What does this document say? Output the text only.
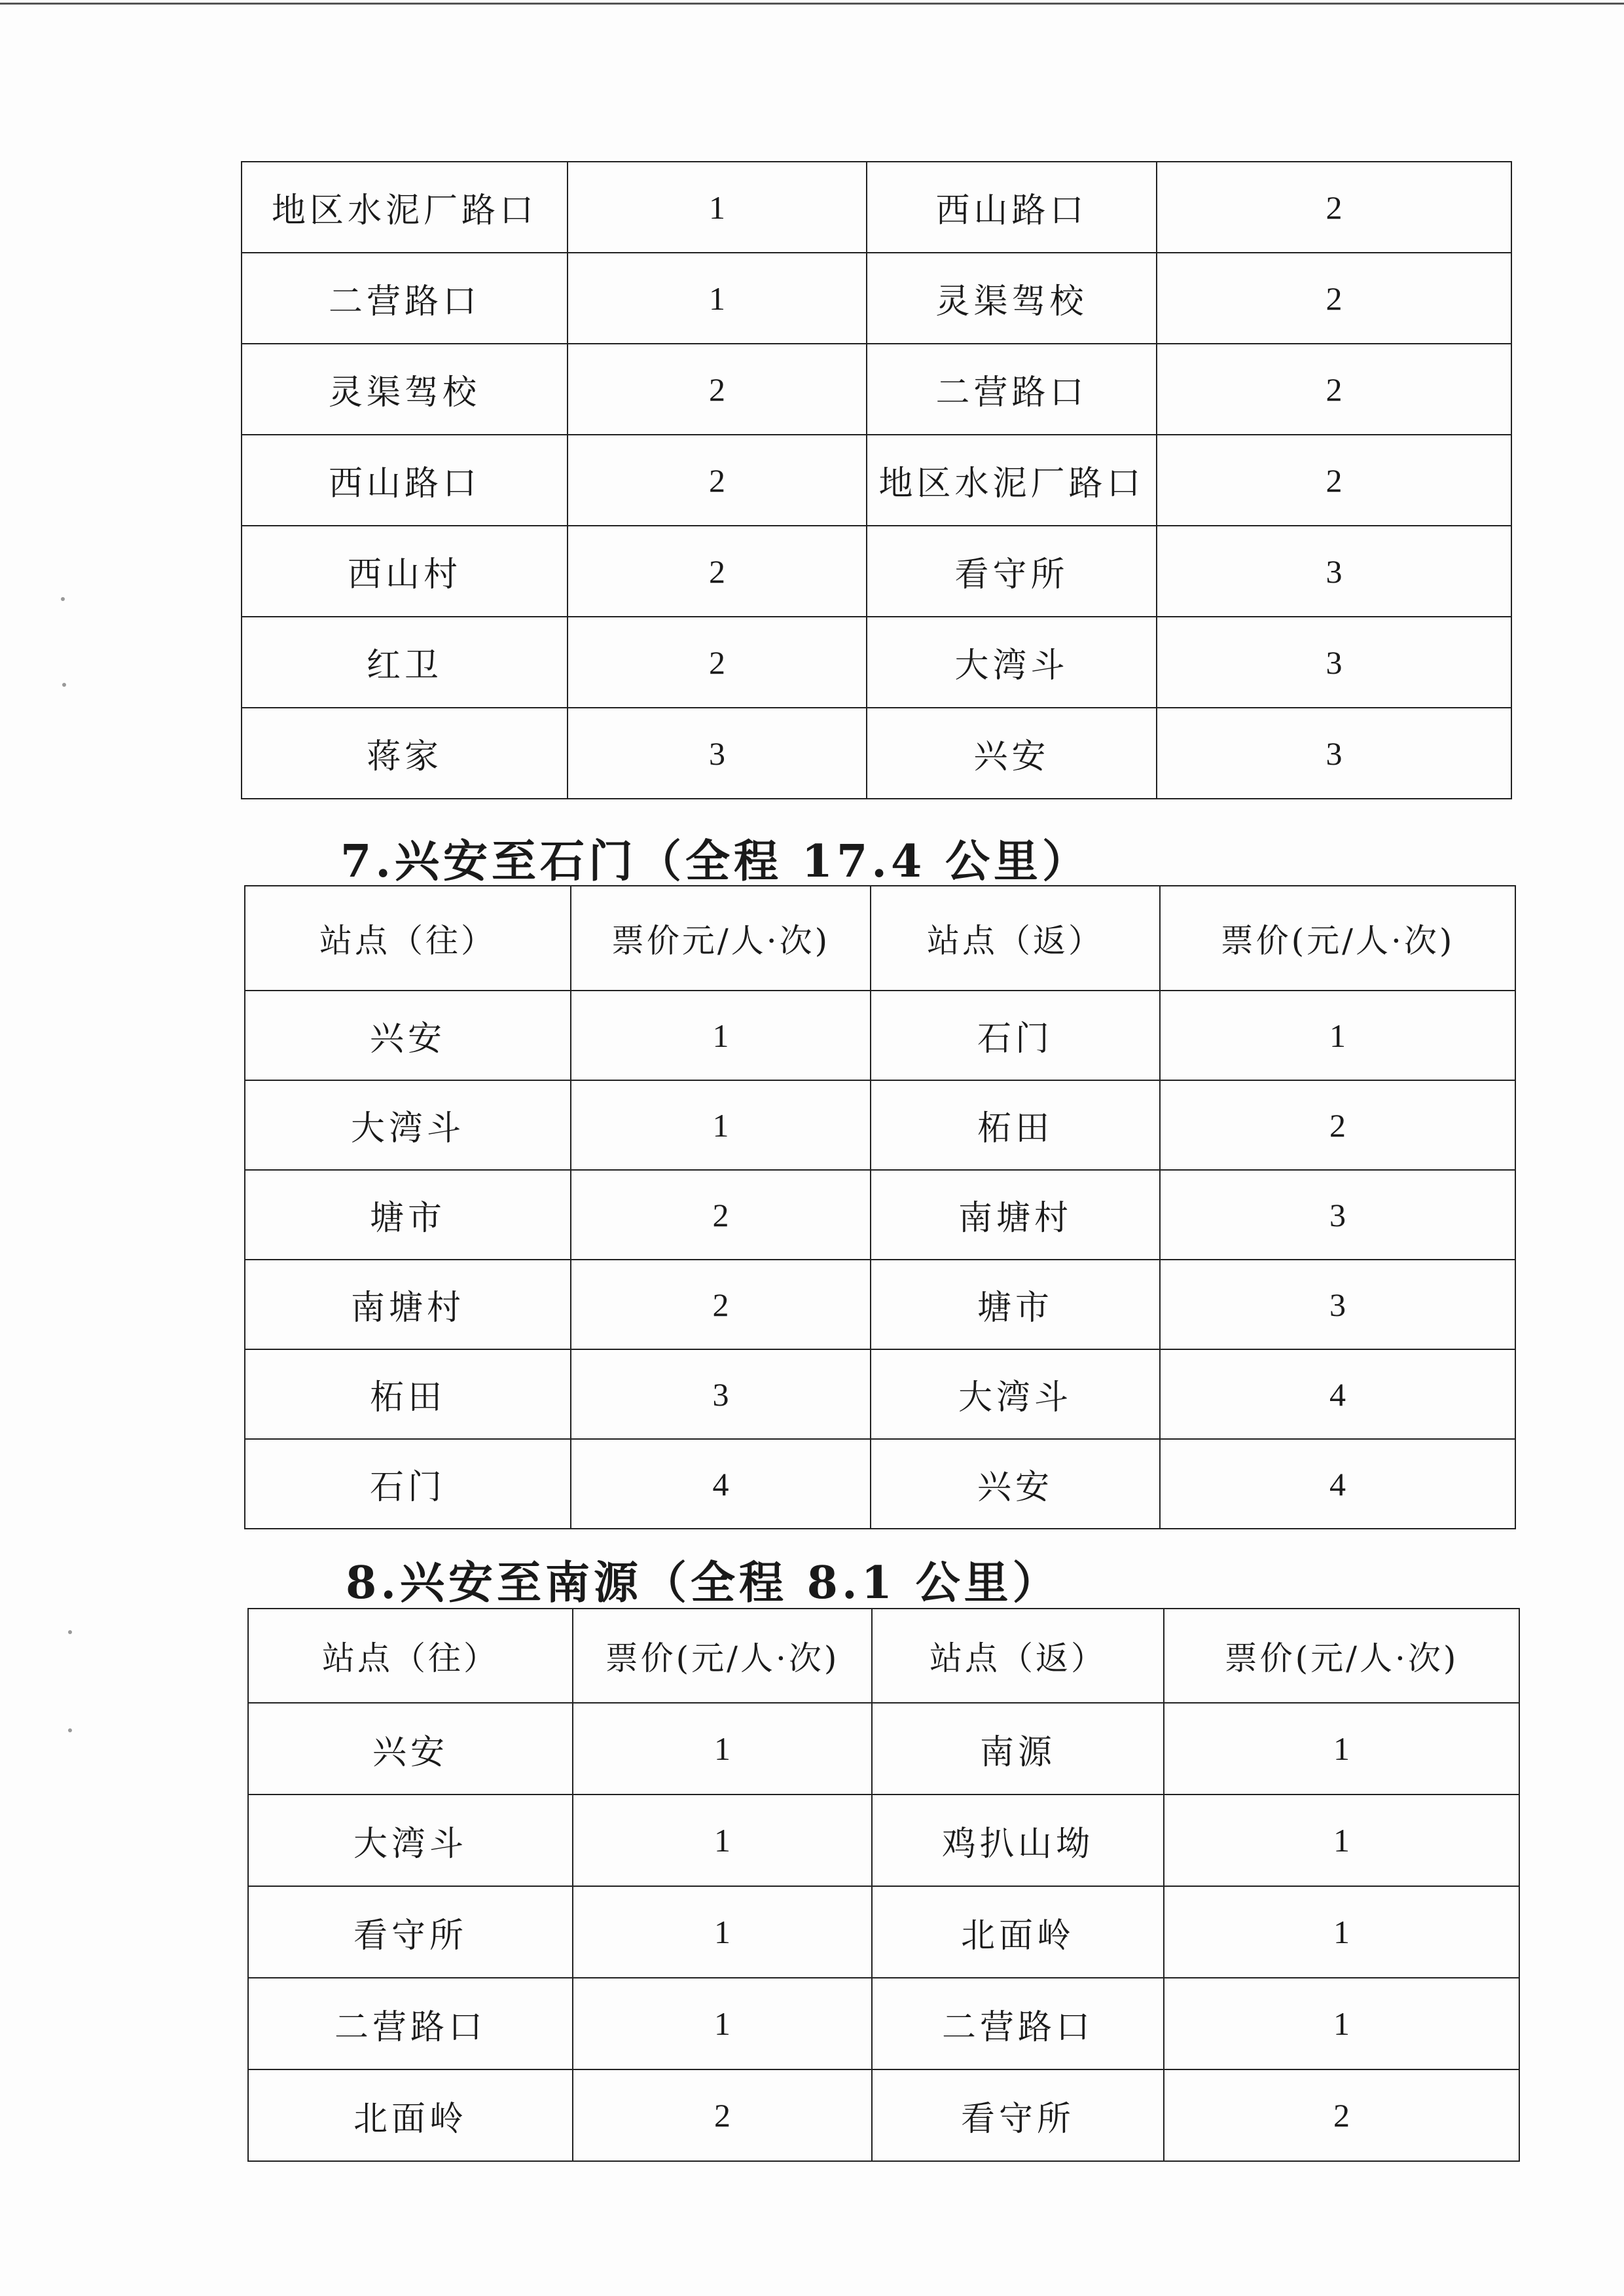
地区水泥厂路口	1	西山路口	2
二营路口	1	灵渠驾校	2
灵渠驾校	2	二营路口	2
西山路口	2	地区水泥厂路口	2
西山村	2	看守所	3
红卫	2	大湾斗	3
蒋家	3	兴安	3
7.兴安至石门（全程 17.4 公里）
站点（往）	票价元/人·次)	站点（返）	票价(元/人·次)
兴安	1	石门	1
大湾斗	1	柘田	2
塘市	2	南塘村	3
南塘村	2	塘市	3
柘田	3	大湾斗	4
石门	4	兴安	4
8.兴安至南源（全程 8.1 公里）
站点（往）	票价(元/人·次)	站点（返）	票价(元/人·次)
兴安	1	南源	1
大湾斗	1	鸡扒山坳	1
看守所	1	北面岭	1
二营路口	1	二营路口	1
北面岭	2	看守所	2
